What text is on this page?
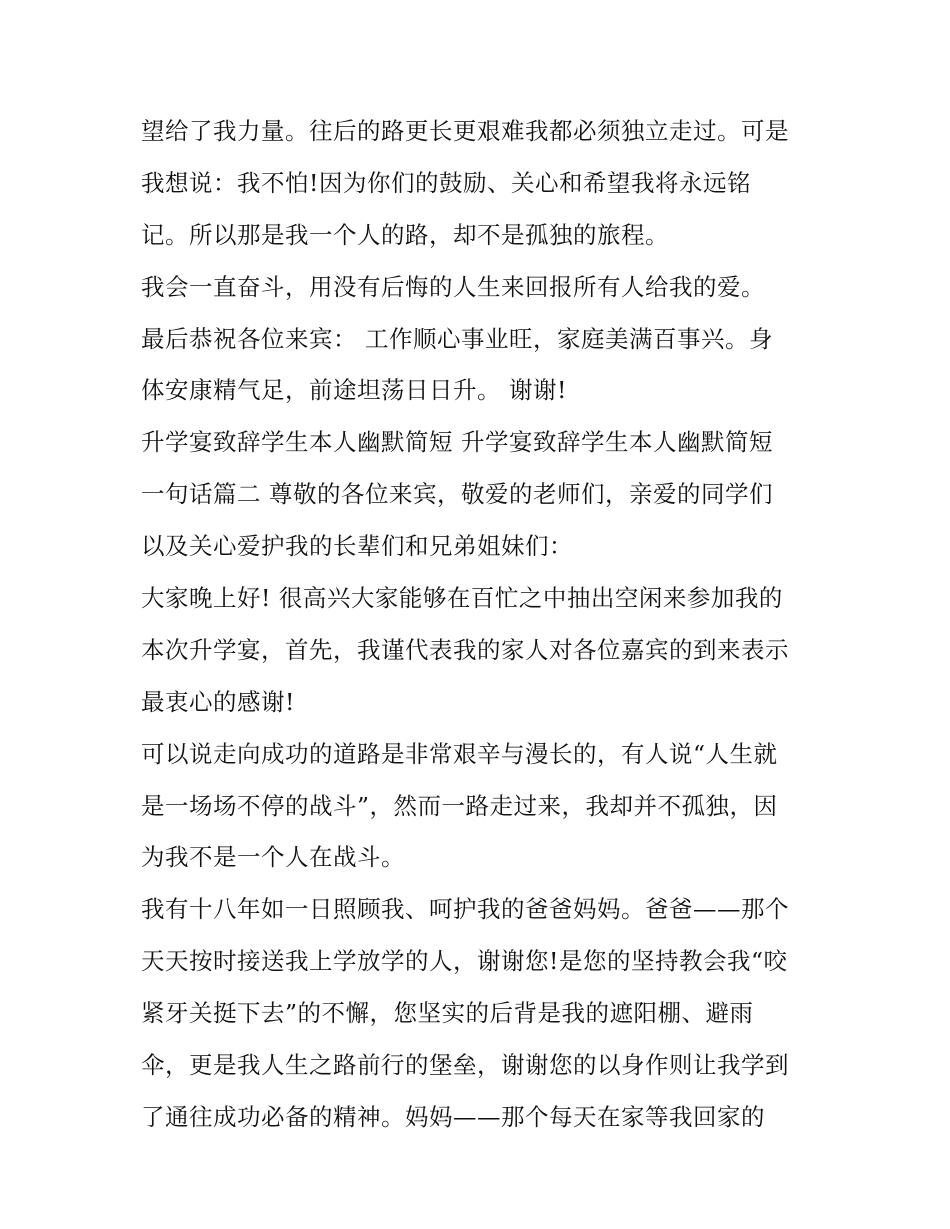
望给了我力量。往后的路更长更艰难我都必须独立走过。可是
我想说：我不怕!因为你们的鼓励、关心和希望我将永远铭
记。所以那是我一个人的路，却不是孤独的旅程。
我会一直奋斗，用没有后悔的人生来回报所有人给我的爱。
最后恭祝各位来宾： 工作顺心事业旺，家庭美满百事兴。身
体安康精气足，前途坦荡日日升。 谢谢!
升学宴致辞学生本人幽默简短 升学宴致辞学生本人幽默简短
一句话篇二 尊敬的各位来宾，敬爱的老师们，亲爱的同学们
以及关心爱护我的长辈们和兄弟姐妹们：
大家晚上好! 很高兴大家能够在百忙之中抽出空闲来参加我的
本次升学宴，首先，我谨代表我的家人对各位嘉宾的到来表示
最衷心的感谢!
可以说走向成功的道路是非常艰辛与漫长的，有人说“人生就
是一场场不停的战斗”，然而一路走过来，我却并不孤独，因
为我不是一个人在战斗。
我有十八年如一日照顾我、呵护我的爸爸妈妈。爸爸——那个
天天按时接送我上学放学的人，谢谢您!是您的坚持教会我“咬
紧牙关挺下去”的不懈，您坚实的后背是我的遮阳棚、避雨
伞，更是我人生之路前行的堡垒，谢谢您的以身作则让我学到
了通往成功必备的精神。妈妈——那个每天在家等我回家的
